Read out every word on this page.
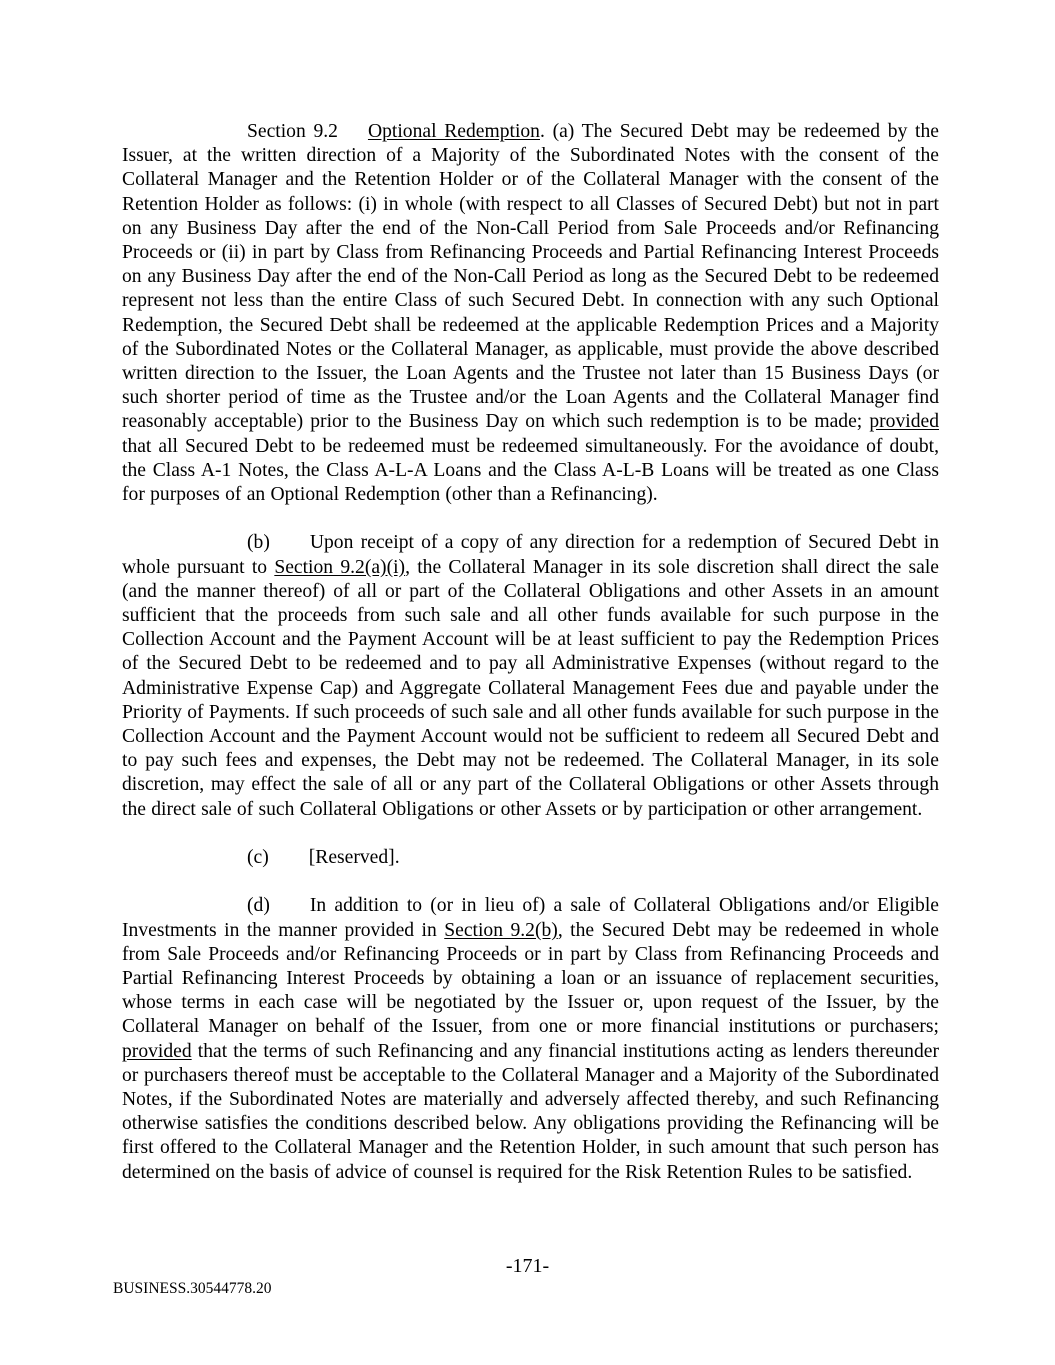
Section 9.2 Optional Redemption. (a) The Secured Debt may be redeemed by the Issuer, at the written direction of a Majority of the Subordinated Notes with the consent of the Collateral Manager and the Retention Holder or of the Collateral Manager with the consent of the Retention Holder as follows: (i) in whole (with respect to all Classes of Secured Debt) but not in part on any Business Day after the end of the Non-Call Period from Sale Proceeds and/or Refinancing Proceeds or (ii) in part by Class from Refinancing Proceeds and Partial Refinancing Interest Proceeds on any Business Day after the end of the Non-Call Period as long as the Secured Debt to be redeemed represent not less than the entire Class of such Secured Debt. In connection with any such Optional Redemption, the Secured Debt shall be redeemed at the applicable Redemption Prices and a Majority of the Subordinated Notes or the Collateral Manager, as applicable, must provide the above described written direction to the Issuer, the Loan Agents and the Trustee not later than 15 Business Days (or such shorter period of time as the Trustee and/or the Loan Agents and the Collateral Manager find reasonably acceptable) prior to the Business Day on which such redemption is to be made; provided that all Secured Debt to be redeemed must be redeemed simultaneously. For the avoidance of doubt, the Class A-1 Notes, the Class A-L-A Loans and the Class A-L-B Loans will be treated as one Class for purposes of an Optional Redemption (other than a Refinancing).

(b) Upon receipt of a copy of any direction for a redemption of Secured Debt in whole pursuant to Section 9.2(a)(i), the Collateral Manager in its sole discretion shall direct the sale (and the manner thereof) of all or part of the Collateral Obligations and other Assets in an amount sufficient that the proceeds from such sale and all other funds available for such purpose in the Collection Account and the Payment Account will be at least sufficient to pay the Redemption Prices of the Secured Debt to be redeemed and to pay all Administrative Expenses (without regard to the Administrative Expense Cap) and Aggregate Collateral Management Fees due and payable under the Priority of Payments. If such proceeds of such sale and all other funds available for such purpose in the Collection Account and the Payment Account would not be sufficient to redeem all Secured Debt and to pay such fees and expenses, the Debt may not be redeemed. The Collateral Manager, in its sole discretion, may effect the sale of all or any part of the Collateral Obligations or other Assets through the direct sale of such Collateral Obligations or other Assets or by participation or other arrangement.

(c) [Reserved].

(d) In addition to (or in lieu of) a sale of Collateral Obligations and/or Eligible Investments in the manner provided in Section 9.2(b), the Secured Debt may be redeemed in whole from Sale Proceeds and/or Refinancing Proceeds or in part by Class from Refinancing Proceeds and Partial Refinancing Interest Proceeds by obtaining a loan or an issuance of replacement securities, whose terms in each case will be negotiated by the Issuer or, upon request of the Issuer, by the Collateral Manager on behalf of the Issuer, from one or more financial institutions or purchasers; provided that the terms of such Refinancing and any financial institutions acting as lenders thereunder or purchasers thereof must be acceptable to the Collateral Manager and a Majority of the Subordinated Notes, if the Subordinated Notes are materially and adversely affected thereby, and such Refinancing otherwise satisfies the conditions described below. Any obligations providing the Refinancing will be first offered to the Collateral Manager and the Retention Holder, in such amount that such person has determined on the basis of advice of counsel is required for the Risk Retention Rules to be satisfied.

-171-
BUSINESS.30544778.20
